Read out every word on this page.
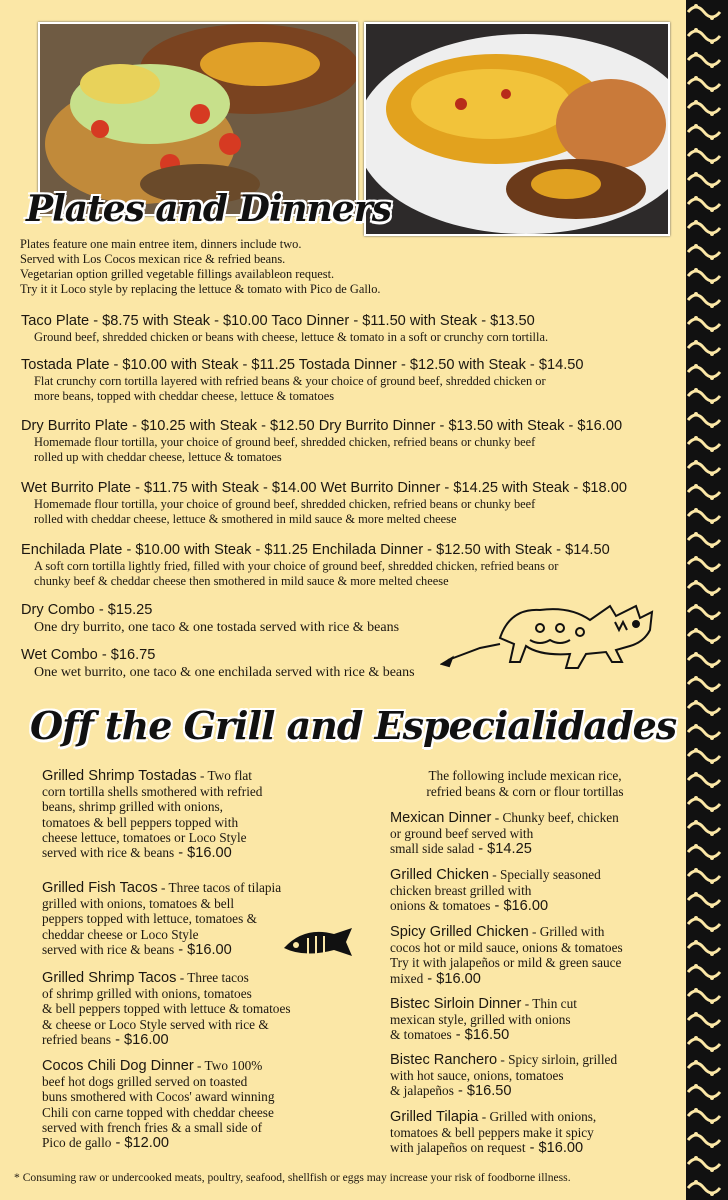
Plates and Dinners
Plates feature one main entree item, dinners include two.
Served with Los Cocos mexican rice & refried beans.
Vegetarian option grilled vegetable fillings availableon request.
Try it it Loco style by replacing the lettuce & tomato with Pico de Gallo.
Taco Plate - $8.75 with Steak - $10.00 Taco Dinner - $11.50 with Steak - $13.50
Ground beef, shredded chicken or beans with cheese, lettuce & tomato in a soft or crunchy corn tortilla.
Tostada Plate - $10.00 with Steak - $11.25 Tostada Dinner - $12.50 with Steak - $14.50
Flat crunchy corn tortilla layered with refried beans & your choice of ground beef, shredded chicken or
more beans, topped with cheddar cheese, lettuce & tomatoes
Dry Burrito Plate - $10.25 with Steak - $12.50 Dry Burrito Dinner - $13.50 with Steak - $16.00
Homemade flour tortilla, your choice of ground beef, shredded chicken, refried beans or chunky beef
rolled up with cheddar cheese, lettuce & tomatoes
Wet Burrito Plate - $11.75 with Steak - $14.00 Wet Burrito Dinner - $14.25 with Steak - $18.00
Homemade flour tortilla, your choice of ground beef, shredded chicken, refried beans or chunky beef
rolled with cheddar cheese, lettuce & smothered in mild sauce & more melted cheese
Enchilada Plate - $10.00 with Steak - $11.25 Enchilada Dinner - $12.50 with Steak - $14.50
A soft corn tortilla lightly fried, filled with your choice of ground beef, shredded chicken, refried beans or
chunky beef & cheddar cheese then smothered in mild sauce & more melted cheese
Dry Combo - $15.25
One dry burrito, one taco & one tostada served with rice & beans
Wet Combo - $16.75
One wet burrito, one taco & one enchilada served with rice & beans
Off the Grill and Especialidades
The following include mexican rice,
refried beans & corn or flour tortillas
Grilled Shrimp Tostadas - Two flat
corn tortilla shells smothered with refried
beans, shrimp grilled with onions,
tomatoes & bell peppers topped with
cheese lettuce, tomatoes or Loco Style
served with rice & beans - $16.00
Grilled Fish Tacos - Three tacos of tilapia
grilled with onions, tomatoes & bell
peppers topped with lettuce, tomatoes &
cheddar cheese or Loco Style
served with rice & beans - $16.00
Grilled Shrimp Tacos - Three tacos
of shrimp grilled with onions, tomatoes
& bell peppers topped with lettuce & tomatoes
& cheese or Loco Style served with rice &
refried beans - $16.00
Cocos Chili Dog Dinner - Two 100%
beef hot dogs grilled served on toasted
buns smothered with Cocos' award winning
Chili con carne topped with cheddar cheese
served with french fries & a small side of
Pico de gallo - $12.00
Mexican Dinner - Chunky beef, chicken
or ground beef served with
small side salad - $14.25
Grilled Chicken - Specially seasoned
chicken breast grilled with
onions & tomatoes - $16.00
Spicy Grilled Chicken - Grilled with
cocos hot or mild sauce, onions & tomatoes
Try it with jalapeños or mild & green sauce
mixed - $16.00
Bistec Sirloin Dinner - Thin cut
mexican style, grilled with onions
& tomatoes - $16.50
Bistec Ranchero - Spicy sirloin, grilled
with hot sauce, onions, tomatoes
& jalapeños - $16.50
Grilled Tilapia - Grilled with onions,
tomatoes & bell peppers make it spicy
with jalapeños on request - $16.00
* Consuming raw or undercooked meats, poultry, seafood, shellfish or eggs may increase your risk of foodborne illness.
